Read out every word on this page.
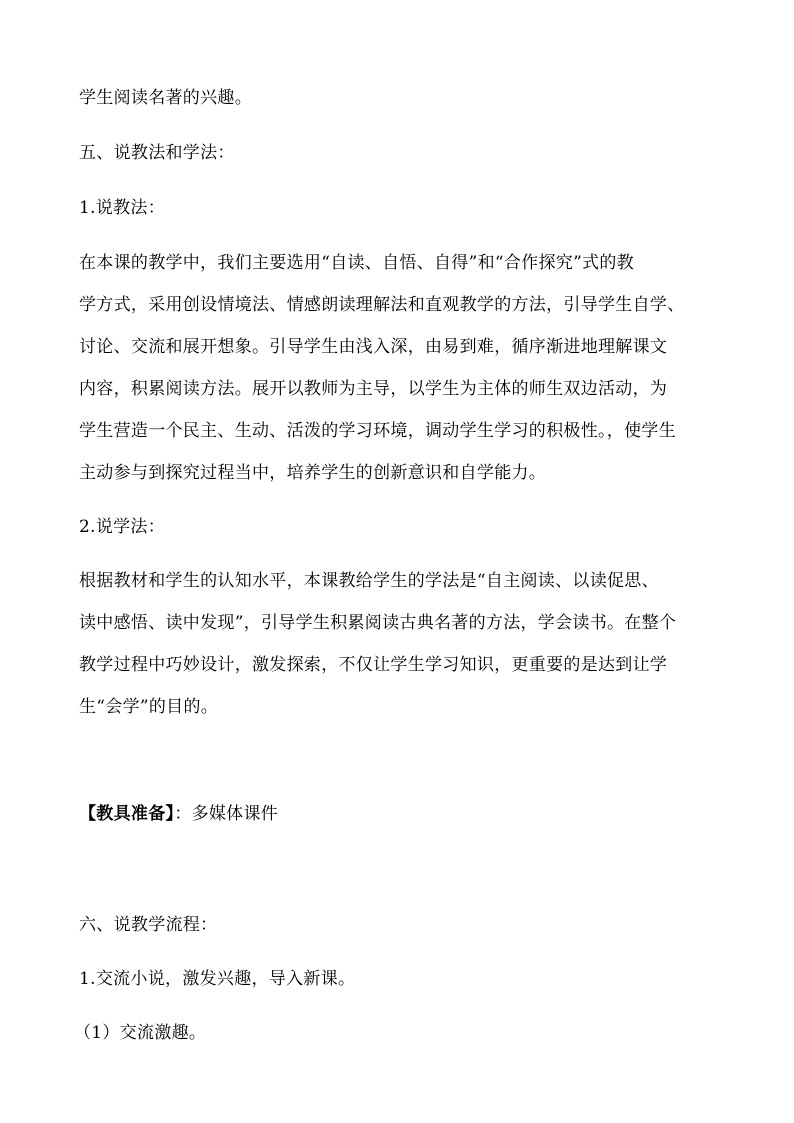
学生阅读名著的兴趣。
五、说教法和学法：
1.说教法：
在本课的教学中，我们主要选用“自读、自悟、自得”和“合作探究”式的教
学方式，采用创设情境法、情感朗读理解法和直观教学的方法，引导学生自学、
讨论、交流和展开想象。引导学生由浅入深，由易到难，循序渐进地理解课文
内容，积累阅读方法。展开以教师为主导，以学生为主体的师生双边活动，为
学生营造一个民主、生动、活泼的学习环境，调动学生学习的积极性。，使学生
主动参与到探究过程当中，培养学生的创新意识和自学能力。
2.说学法：
根据教材和学生的认知水平，本课教给学生的学法是“自主阅读、以读促思、
读中感悟、读中发现”，引导学生积累阅读古典名著的方法，学会读书。在整个
教学过程中巧妙设计，激发探索，不仅让学生学习知识，更重要的是达到让学
生“会学”的目的。
【教具准备】：多媒体课件
六、说教学流程：
1.交流小说，激发兴趣，导入新课。
（1）交流激趣。
